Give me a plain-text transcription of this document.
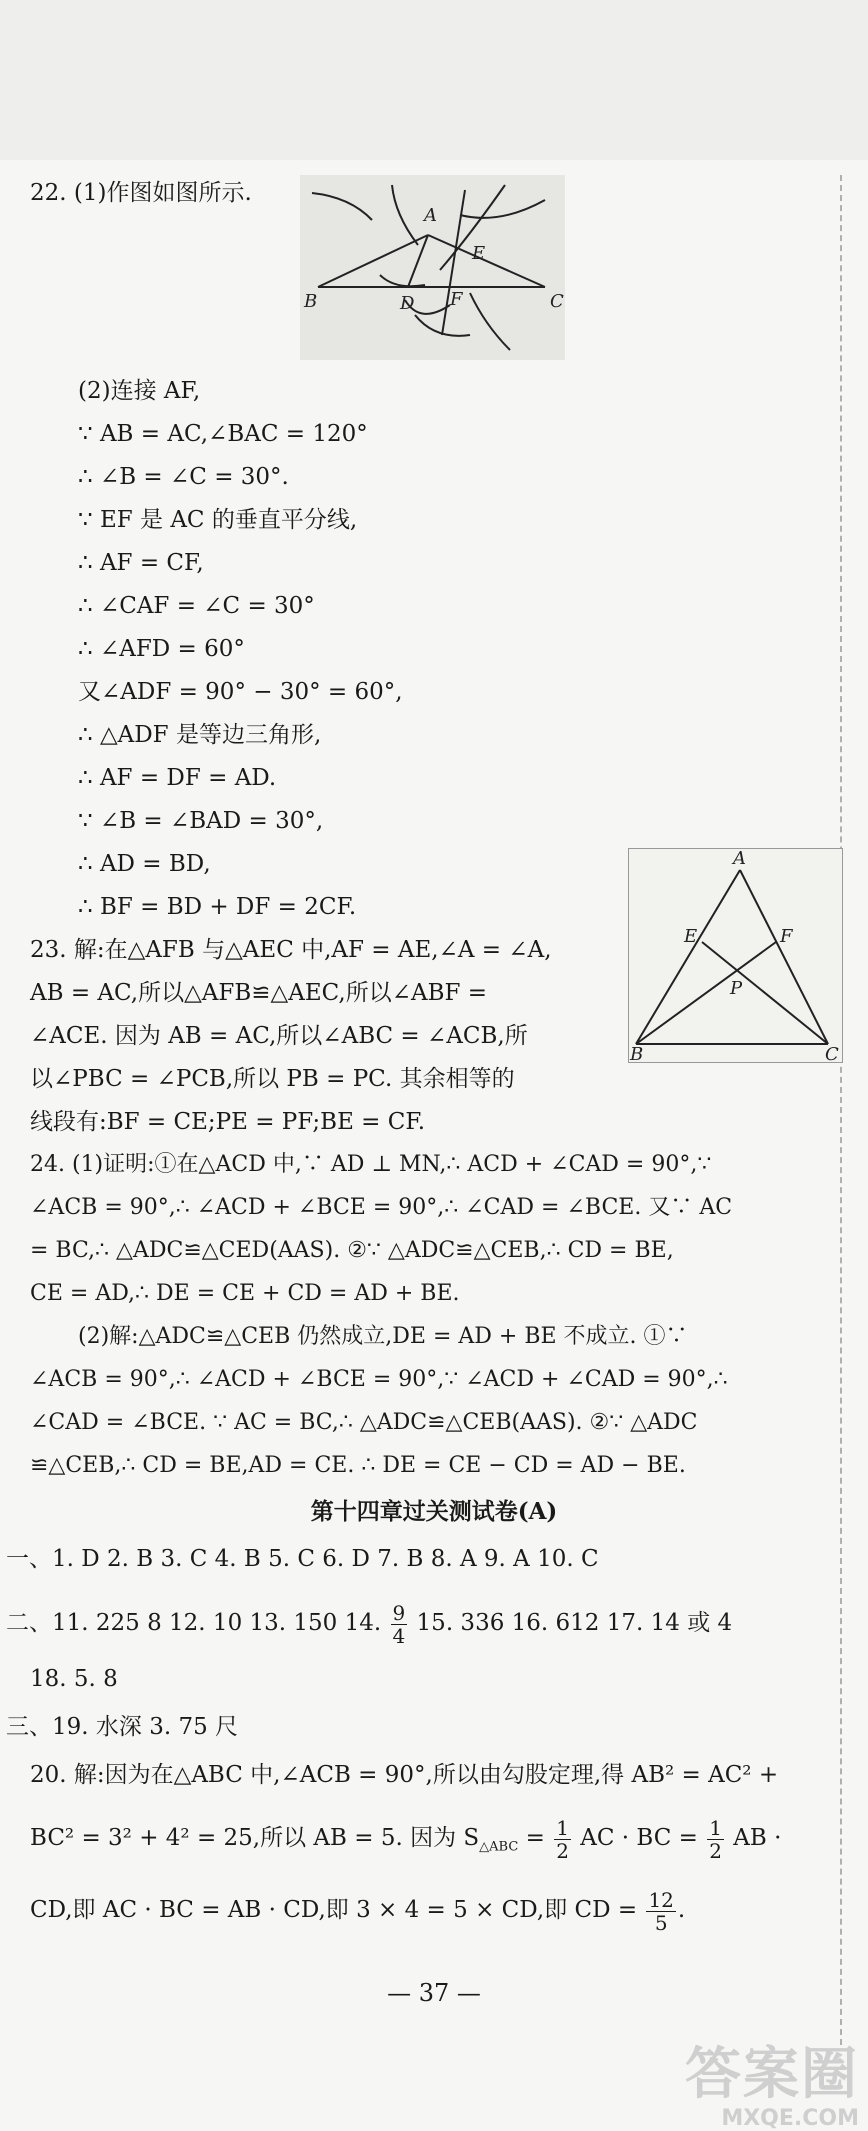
22. (1)作图如图所示.
A
B	C
D
E
F
(2)连接 AF,
∵ AB = AC,∠BAC = 120°
∴ ∠B = ∠C = 30°.
∵ EF 是 AC 的垂直平分线,
∴ AF = CF,
∴ ∠CAF = ∠C = 30°
∴ ∠AFD = 60°
又∠ADF = 90° − 30° = 60°,
∴ △ADF 是等边三角形,
∴ AF = DF = AD.
∵ ∠B = ∠BAD = 30°,
∴ AD = BD,
∴ BF = BD + DF = 2CF.
A
B	C
E	F
P
23. 解:在△AFB 与△AEC 中,AF = AE,∠A = ∠A,
AB = AC,所以△AFB≌△AEC,所以∠ABF =
∠ACE. 因为 AB = AC,所以∠ABC = ∠ACB,所
以∠PBC = ∠PCB,所以 PB = PC. 其余相等的
线段有:BF = CE;PE = PF;BE = CF.
24. (1)证明:①在△ACD 中,∵ AD ⊥ MN,∴ ACD + ∠CAD = 90°,∵
∠ACB = 90°,∴ ∠ACD + ∠BCE = 90°,∴ ∠CAD = ∠BCE. 又∵ AC
= BC,∴ △ADC≌△CED(AAS). ②∵ △ADC≌△CEB,∴ CD = BE,
CE = AD,∴ DE = CE + CD = AD + BE.
(2)解:△ADC≌△CEB 仍然成立,DE = AD + BE 不成立. ①∵
∠ACB = 90°,∴ ∠ACD + ∠BCE = 90°,∵ ∠ACD + ∠CAD = 90°,∴
∠CAD = ∠BCE. ∵ AC = BC,∴ △ADC≌△CEB(AAS). ②∵ △ADC
≌△CEB,∴ CD = BE,AD = CE. ∴ DE = CE − CD = AD − BE.
第十四章过关测试卷(A)
一、1. D 2. B 3. C 4. B 5. C 6. D 7. B 8. A 9. A 10. C
二、11. 225 8 12. 10 13. 150 14. $\frac{9}{4} 15$. 336 16. 612 17. 14 或 4
18. 5. 8
三、19. 水深 3. 75 尺
20. 解:因为在△ABC 中,∠ACB = 90°,所以由勾股定理,得 AB² = AC² +
BC² = 3² + 4² = 25,所以 AB = 5. 因为 $S_{\triangle ABC} = \frac{1}{2}$ AC · BC = $\frac{1}{2}$ AB ·
CD,即 AC · BC = AB · CD,即 3 × 4 = 5 × CD,即 CD = $\frac{12}{5}$ .
— 37 —
答案圈
MXQE.COM
